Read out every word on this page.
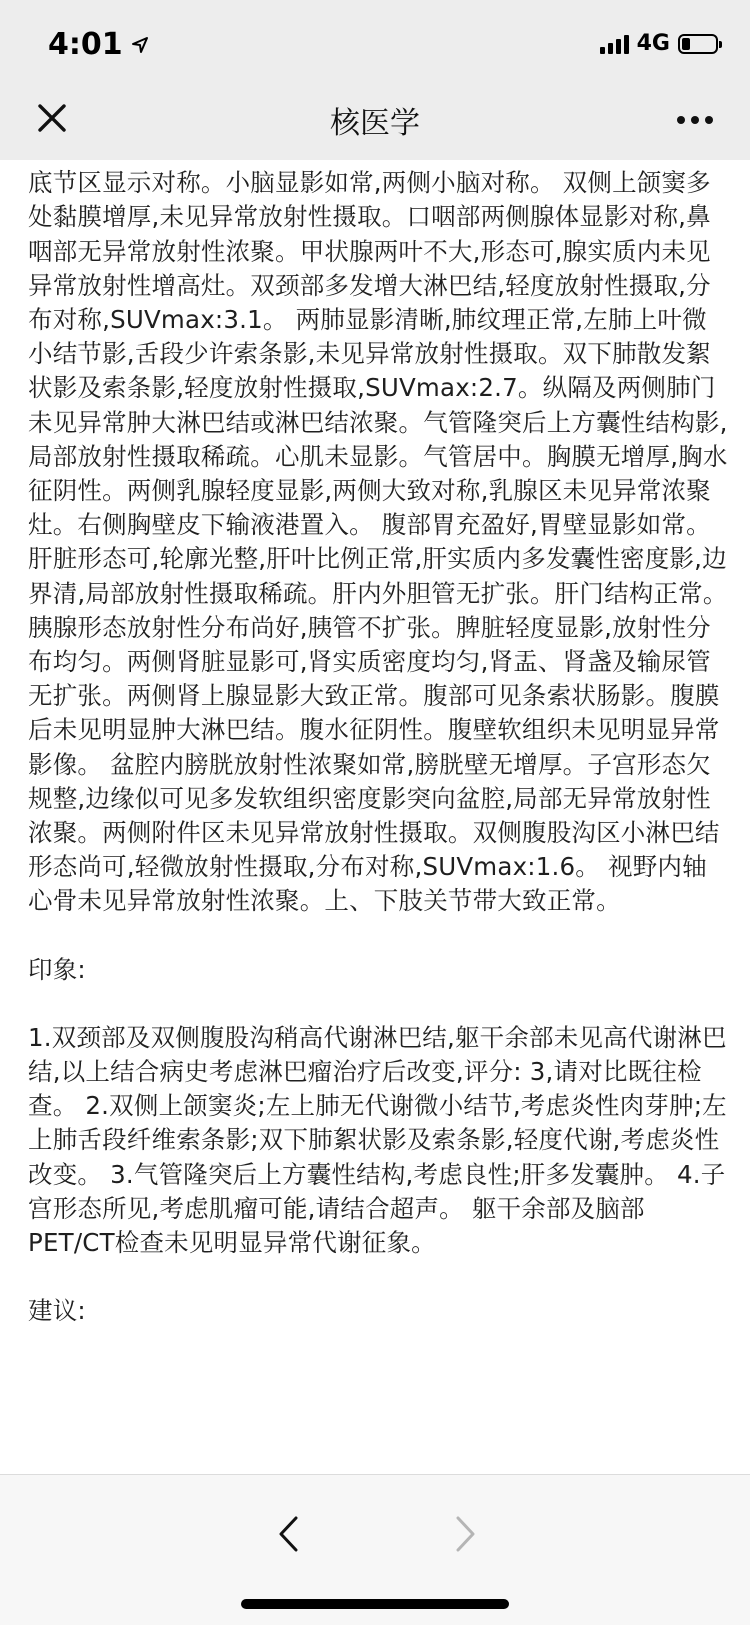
4:01	4G
核医学

底节区显示对称。小脑显影如常,两侧小脑对称。 双侧上颌窦多处黏膜增厚,未见异常放射性摄取。口咽部两侧腺体显影对称,鼻咽部无异常放射性浓聚。甲状腺两叶不大,形态可,腺实质内未见异常放射性增高灶。双颈部多发增大淋巴结,轻度放射性摄取,分布对称,SUVmax:3.1。 两肺显影清晰,肺纹理正常,左肺上叶微小结节影,舌段少许索条影,未见异常放射性摄取。双下肺散发絮状影及索条影,轻度放射性摄取,SUVmax:2.7。纵隔及两侧肺门未见异常肿大淋巴结或淋巴结浓聚。气管隆突后上方囊性结构影,局部放射性摄取稀疏。心肌未显影。气管居中。胸膜无增厚,胸水征阴性。两侧乳腺轻度显影,两侧大致对称,乳腺区未见异常浓聚灶。右侧胸壁皮下输液港置入。 腹部胃充盈好,胃壁显影如常。肝脏形态可,轮廓光整,肝叶比例正常,肝实质内多发囊性密度影,边界清,局部放射性摄取稀疏。肝内外胆管无扩张。肝门结构正常。胰腺形态放射性分布尚好,胰管不扩张。脾脏轻度显影,放射性分布均匀。两侧肾脏显影可,肾实质密度均匀,肾盂、肾盏及输尿管无扩张。两侧肾上腺显影大致正常。腹部可见条索状肠影。腹膜后未见明显肿大淋巴结。腹水征阴性。腹壁软组织未见明显异常影像。 盆腔内膀胱放射性浓聚如常,膀胱壁无增厚。子宫形态欠规整,边缘似可见多发软组织密度影突向盆腔,局部无异常放射性浓聚。两侧附件区未见异常放射性摄取。双侧腹股沟区小淋巴结形态尚可,轻微放射性摄取,分布对称,SUVmax:1.6。 视野内轴心骨未见异常放射性浓聚。上、下肢关节带大致正常。

印象:

1.双颈部及双侧腹股沟稍高代谢淋巴结,躯干余部未见高代谢淋巴结,以上结合病史考虑淋巴瘤治疗后改变,评分: 3,请对比既往检查。 2.双侧上颌窦炎;左上肺无代谢微小结节,考虑炎性肉芽肿;左上肺舌段纤维索条影;双下肺絮状影及索条影,轻度代谢,考虑炎性改变。 3.气管隆突后上方囊性结构,考虑良性;肝多发囊肿。 4.子宫形态所见,考虑肌瘤可能,请结合超声。 躯干余部及脑部PET/CT检查未见明显异常代谢征象。

建议:
